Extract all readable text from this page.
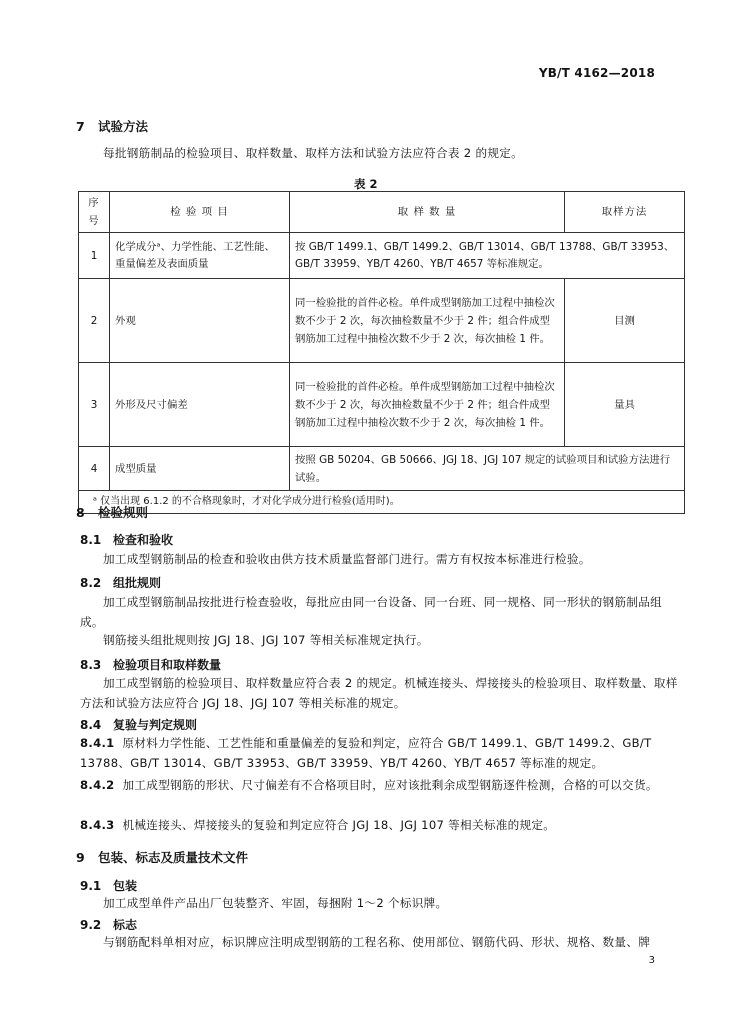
YB/T 4162—2018
7 试验方法
每批钢筋制品的检验项目、取样数量、取样方法和试验方法应符合表 2 的规定。
表 2
序号	检 验 项 目	取 样 数 量	取样方法
1	化学成分ᵃ、力学性能、工艺性能、重量偏差及表面质量	按 GB/T 1499.1、GB/T 1499.2、GB/T 13014、GB/T 13788、GB/T 33953、GB/T 33959、YB/T 4260、YB/T 4657 等标准规定。	
2	外观	同一检验批的首件必检。单件成型钢筋加工过程中抽检次数不少于 2 次，每次抽检数量不少于 2 件；组合件成型钢筋加工过程中抽检次数不少于 2 次，每次抽检 1 件。	目测
3	外形及尺寸偏差	同一检验批的首件必检。单件成型钢筋加工过程中抽检次数不少于 2 次，每次抽检数量不少于 2 件；组合件成型钢筋加工过程中抽检次数不少于 2 次，每次抽检 1 件。	量具
4	成型质量	按照 GB 50204、GB 50666、JGJ 18、JGJ 107 规定的试验项目和试验方法进行试验。	
ᵃ 仅当出现 6.1.2 的不合格现象时，才对化学成分进行检验(适用时)。			
8 检验规则
8.1 检查和验收
加工成型钢筋制品的检查和验收由供方技术质量监督部门进行。需方有权按本标准进行检验。
8.2 组批规则
加工成型钢筋制品按批进行检查验收，每批应由同一台设备、同一台班、同一规格、同一形状的钢筋制品组成。
钢筋接头组批规则按 JGJ 18、JGJ 107 等相关标准规定执行。
8.3 检验项目和取样数量
加工成型钢筋的检验项目、取样数量应符合表 2 的规定。机械连接头、焊接接头的检验项目、取样数量、取样方法和试验方法应符合 JGJ 18、JGJ 107 等相关标准的规定。
8.4 复验与判定规则
8.4.1 原材料力学性能、工艺性能和重量偏差的复验和判定，应符合 GB/T 1499.1、GB/T 1499.2、GB/T 13788、GB/T 13014、GB/T 33953、GB/T 33959、YB/T 4260、YB/T 4657 等标准的规定。
8.4.2 加工成型钢筋的形状、尺寸偏差有不合格项目时，应对该批剩余成型钢筋逐件检测，合格的可以交货。
8.4.3 机械连接头、焊接接头的复验和判定应符合 JGJ 18、JGJ 107 等相关标准的规定。
9 包装、标志及质量技术文件
9.1 包装
加工成型单件产品出厂包装整齐、牢固，每捆附 1～2 个标识牌。
9.2 标志
与钢筋配料单相对应，标识牌应注明成型钢筋的工程名称、使用部位、钢筋代码、形状、规格、数量、牌
3
